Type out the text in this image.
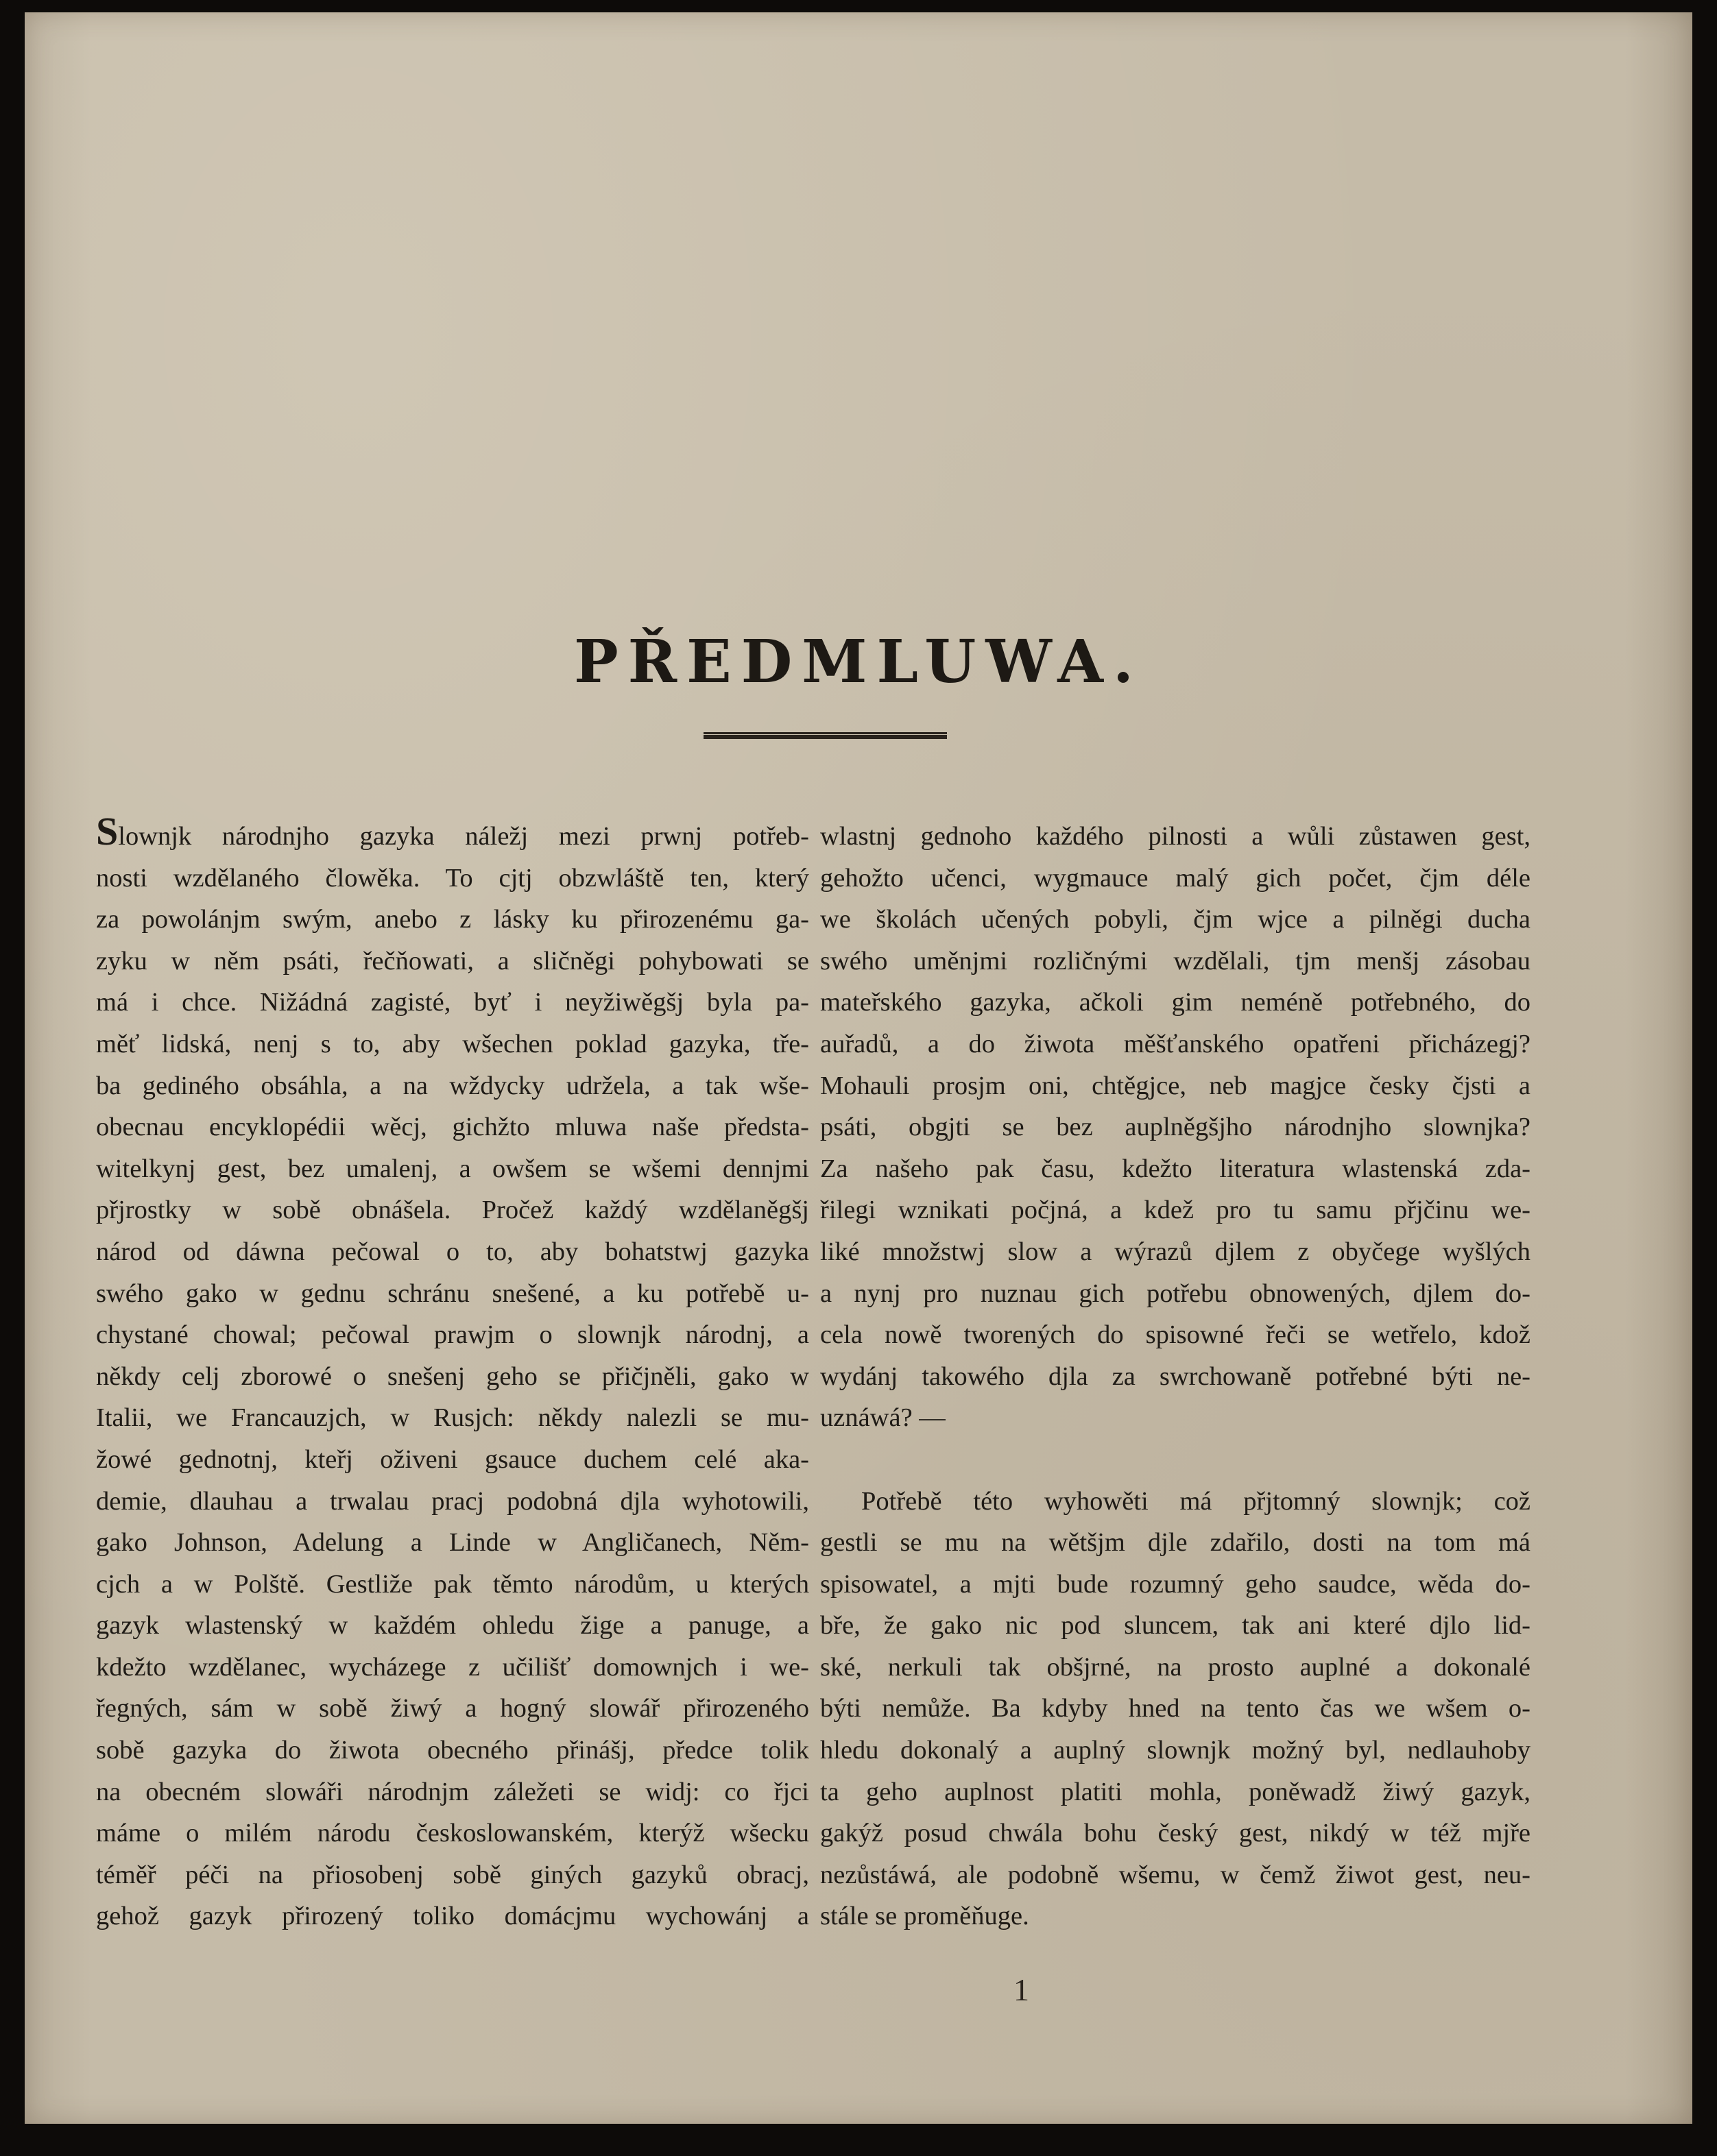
PŘEDMLUWA.
Slownjk národnjho gazyka náležj mezi prwnj potřeb-
nosti wzdělaného člowěka. To cjtj obzwláště ten, který
za powolánjm swým, anebo z lásky ku přirozenému ga-
zyku w něm psáti, řečňowati, a sličněgi pohybowati se
má i chce. Nižádná zagisté, byť i neyžiwěgšj byla pa-
měť lidská, nenj s to, aby wšechen poklad gazyka, tře-
ba gediného obsáhla, a na wždycky udržela, a tak wše-
obecnau encyklopédii wěcj, gichžto mluwa naše předsta-
witelkynj gest, bez umalenj, a owšem se wšemi dennjmi
přjrostky w sobě obnášela. Pročež každý wzdělaněgšj
národ od dáwna pečowal o to, aby bohatstwj gazyka
swého gako w gednu schránu snešené, a ku potřebě u-
chystané chowal; pečowal prawjm o slownjk národnj, a
někdy celj zborowé o snešenj geho se přičjněli, gako w
Italii, we Francauzjch, w Rusjch: někdy nalezli se mu-
žowé gednotnj, kteřj oživeni gsauce duchem celé aka-
demie, dlauhau a trwalau pracj podobná djla wyhotowili,
gako Johnson, Adelung a Linde w Angličanech, Něm-
cjch a w Polště. Gestliže pak těmto národům, u kterých
gazyk wlastenský w každém ohledu žige a panuge, a
kdežto wzdělanec, wycházege z učilišť domownjch i we-
řegných, sám w sobě žiwý a hogný slowář přirozeného
sobě gazyka do žiwota obecného přinášj, předce tolik
na obecném slowáři národnjm záležeti se widj: co řjci
máme o milém národu českoslowanském, kterýž wšecku
téměř péči na přiosobenj sobě giných gazyků obracj,
gehož gazyk přirozený toliko domácjmu wychowánj a
wlastnj gednoho každého pilnosti a wůli zůstawen gest,
gehožto učenci, wygmauce malý gich počet, čjm déle
we školách učených pobyli, čjm wjce a pilněgi ducha
swého uměnjmi rozličnými wzdělali, tjm menšj zásobau
mateřského gazyka, ačkoli gim neméně potřebného, do
auřadů, a do žiwota měšťanského opatřeni přicházegj?
Mohauli prosjm oni, chtěgjce, neb magjce česky čjsti a
psáti, obgjti se bez auplněgšjho národnjho slownjka?
Za našeho pak času, kdežto literatura wlastenská zda-
řilegi wznikati počjná, a kdež pro tu samu přjčinu we-
liké množstwj slow a wýrazů djlem z obyčege wyšlých
a nynj pro nuznau gich potřebu obnowených, djlem do-
cela nowě tworených do spisowné řeči se wetřelo, kdož
wydánj takowého djla za swrchowaně potřebné býti ne-
uznáwá? —
Potřebě této wyhowěti má přjtomný slownjk; což
gestli se mu na wětšjm djle zdařilo, dosti na tom má
spisowatel, a mjti bude rozumný geho saudce, wěda do-
bře, že gako nic pod sluncem, tak ani které djlo lid-
ské, nerkuli tak obšjrné, na prosto auplné a dokonalé
býti nemůže. Ba kdyby hned na tento čas we wšem o-
hledu dokonalý a auplný slownjk možný byl, nedlauhoby
ta geho auplnost platiti mohla, poněwadž žiwý gazyk,
gakýž posud chwála bohu český gest, nikdý w též mjře
nezůstáwá, ale podobně wšemu, w čemž žiwot gest, neu-
stále se proměňuge.
1
